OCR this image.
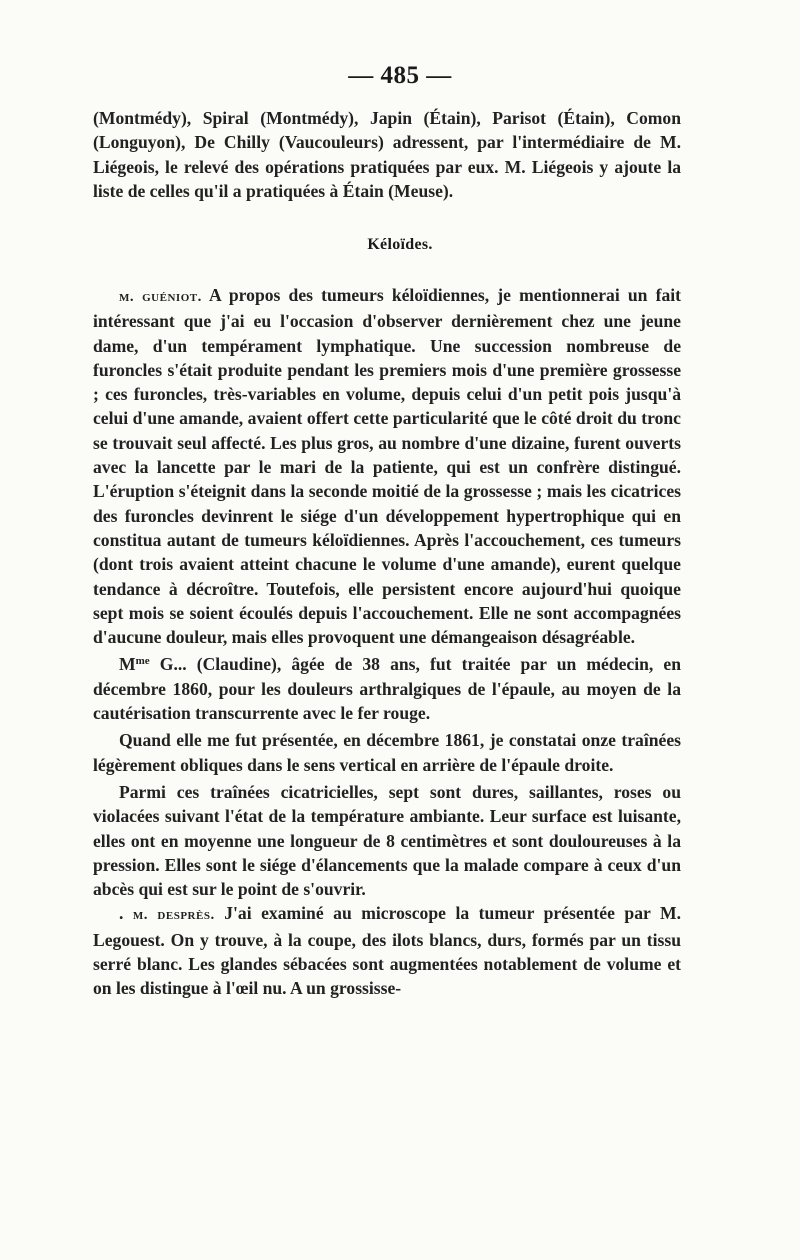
— 485 —

(Montmédy), Spiral (Montmédy), Japin (Étain), Parisot (Étain), Comon (Longuyon), De Chilly (Vaucouleurs) adressent, par l'intermédiaire de M. Liégeois, le relevé des opérations pratiquées par eux. M. Liégeois y ajoute la liste de celles qu'il a pratiquées à Étain (Meuse).

Kéloïdes.

m. guéniot. A propos des tumeurs kéloïdiennes, je mentionnerai un fait intéressant que j'ai eu l'occasion d'observer dernièrement chez une jeune dame, d'un tempérament lymphatique. Une succession nombreuse de furoncles s'était produite pendant les premiers mois d'une première grossesse ; ces furoncles, très-variables en volume, depuis celui d'un petit pois jusqu'à celui d'une amande, avaient offert cette particularité que le côté droit du tronc se trouvait seul affecté. Les plus gros, au nombre d'une dizaine, furent ouverts avec la lancette par le mari de la patiente, qui est un confrère distingué. L'éruption s'éteignit dans la seconde moitié de la grossesse ; mais les cicatrices des furoncles devinrent le siége d'un développement hypertrophique qui en constitua autant de tumeurs kéloïdiennes. Après l'accouchement, ces tumeurs (dont trois avaient atteint chacune le volume d'une amande), eurent quelque tendance à décroître. Toutefois, elle persistent encore aujourd'hui quoique sept mois se soient écoulés depuis l'accouchement. Elle ne sont accompagnées d'aucune douleur, mais elles provoquent une démangeaison désagréable.

$M^{me}$ G... (Claudine), âgée de 38 ans, fut traitée par un médecin, en décembre 1860, pour les douleurs arthralgiques de l'épaule, au moyen de la cautérisation transcurrente avec le fer rouge.

Quand elle me fut présentée, en décembre 1861, je constatai onze traînées légèrement obliques dans le sens vertical en arrière de l'épaule droite.

Parmi ces traînées cicatricielles, sept sont dures, saillantes, roses ou violacées suivant l'état de la température ambiante. Leur surface est luisante, elles ont en moyenne une longueur de 8 centimètres et sont douloureuses à la pression. Elles sont le siége d'élancements que la malade compare à ceux d'un abcès qui est sur le point de s'ouvrir.

. m. desprès. J'ai examiné au microscope la tumeur présentée par M. Legouest. On y trouve, à la coupe, des ilots blancs, durs, formés par un tissu serré blanc. Les glandes sébacées sont augmentées notablement de volume et on les distingue à l'œil nu. A un grossisse-
